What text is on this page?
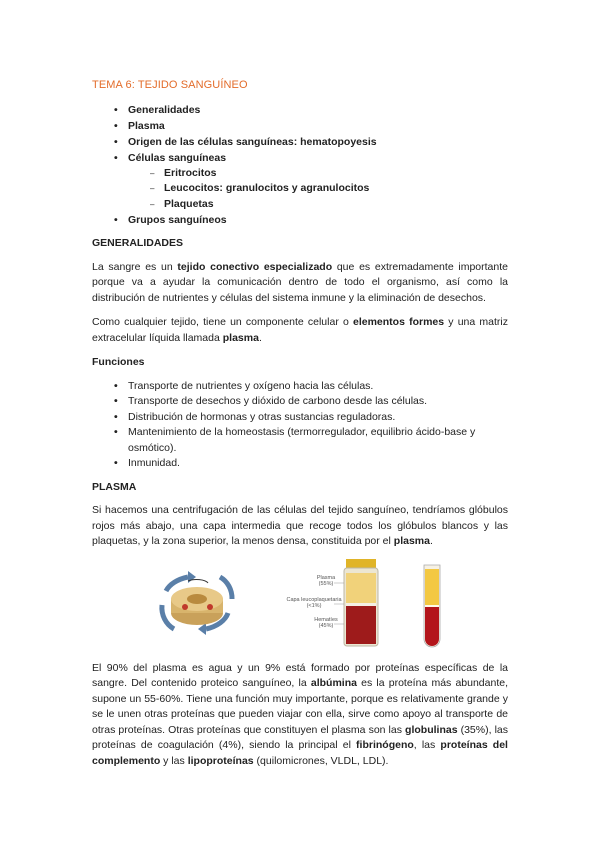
TEMA 6: TEJIDO SANGUÍNEO
• Generalidades
• Plasma
• Origen de las células sanguíneas: hematopoyesis
• Células sanguíneas
– Eritrocitos
– Leucocitos: granulocitos y agranulocitos
– Plaquetas
• Grupos sanguíneos
GENERALIDADES

La sangre es un tejido conectivo especializado que es extremadamente importante porque va a ayudar la comunicación dentro de todo el organismo, así como la distribución de nutrientes y células del sistema inmune y la eliminación de desechos.

Como cualquier tejido, tiene un componente celular o elementos formes y una matriz extracelular líquida llamada plasma.

Funciones
• Transporte de nutrientes y oxígeno hacia las células.
• Transporte de desechos y dióxido de carbono desde las células.
• Distribución de hormonas y otras sustancias reguladoras.
• Mantenimiento de la homeostasis (termorregulador, equilibrio ácido-base y osmótico).
• Inmunidad.
PLASMA

Si hacemos una centrifugación de las células del tejido sanguíneo, tendríamos glóbulos rojos más abajo, una capa intermedia que recoge todos los glóbulos blancos y las plaquetas, y la zona superior, la menos densa, constituida por el plasma.

Plasma
(55%)
Capa leucoplaquetaria
(<1%)
Hematíes
(45%)

El 90% del plasma es agua y un 9% está formado por proteínas específicas de la sangre. Del contenido proteico sanguíneo, la albúmina es la proteína más abundante, supone un 55-60%. Tiene una función muy importante, porque es relativamente grande y se le unen otras proteínas que pueden viajar con ella, sirve como apoyo al transporte de otras proteínas. Otras proteínas que constituyen el plasma son las globulinas (35%), las proteínas de coagulación (4%), siendo la principal el fibrinógeno, las proteínas del complemento y las lipoproteínas (quilomicrones, VLDL, LDL).
